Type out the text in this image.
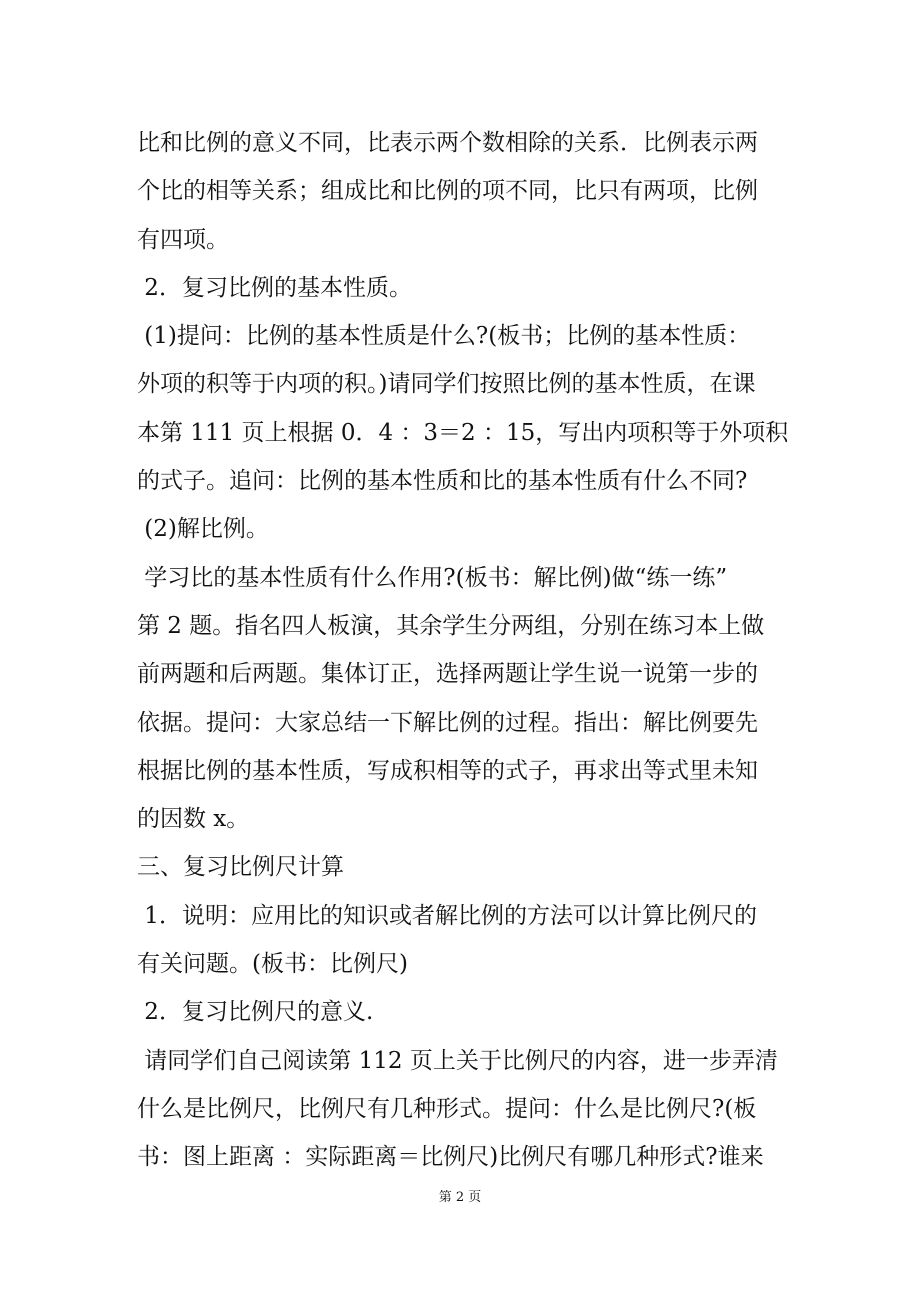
比和比例的意义不同，比表示两个数相除的关系．比例表示两
个比的相等关系；组成比和比例的项不同，比只有两项，比例
有四项。
2．复习比例的基本性质。
(1)提问：比例的基本性质是什么?(板书；比例的基本性质：
外项的积等于内项的积。)请同学们按照比例的基本性质，在课
本第 111 页上根据 0．4 ：3＝2 ：15，写出内项积等于外项积
的式子。追问：比例的基本性质和比的基本性质有什么不同?
(2)解比例。
学习比的基本性质有什么作用?(板书：解比例)做“练一练”
第 2 题。指名四人板演，其余学生分两组，分别在练习本上做
前两题和后两题。集体订正，选择两题让学生说一说第一步的
依据。提问：大家总结一下解比例的过程。指出：解比例要先
根据比例的基本性质，写成积相等的式子，再求出等式里未知
的因数 x。
三、复习比例尺计算
1．说明：应用比的知识或者解比例的方法可以计算比例尺的
有关问题。(板书：比例尺)
2．复习比例尺的意义.
请同学们自己阅读第 112 页上关于比例尺的内容，进一步弄清
什么是比例尺，比例尺有几种形式。提问：什么是比例尺?(板
书：图上距离 ：实际距离＝比例尺)比例尺有哪几种形式?谁来
第 2 页
